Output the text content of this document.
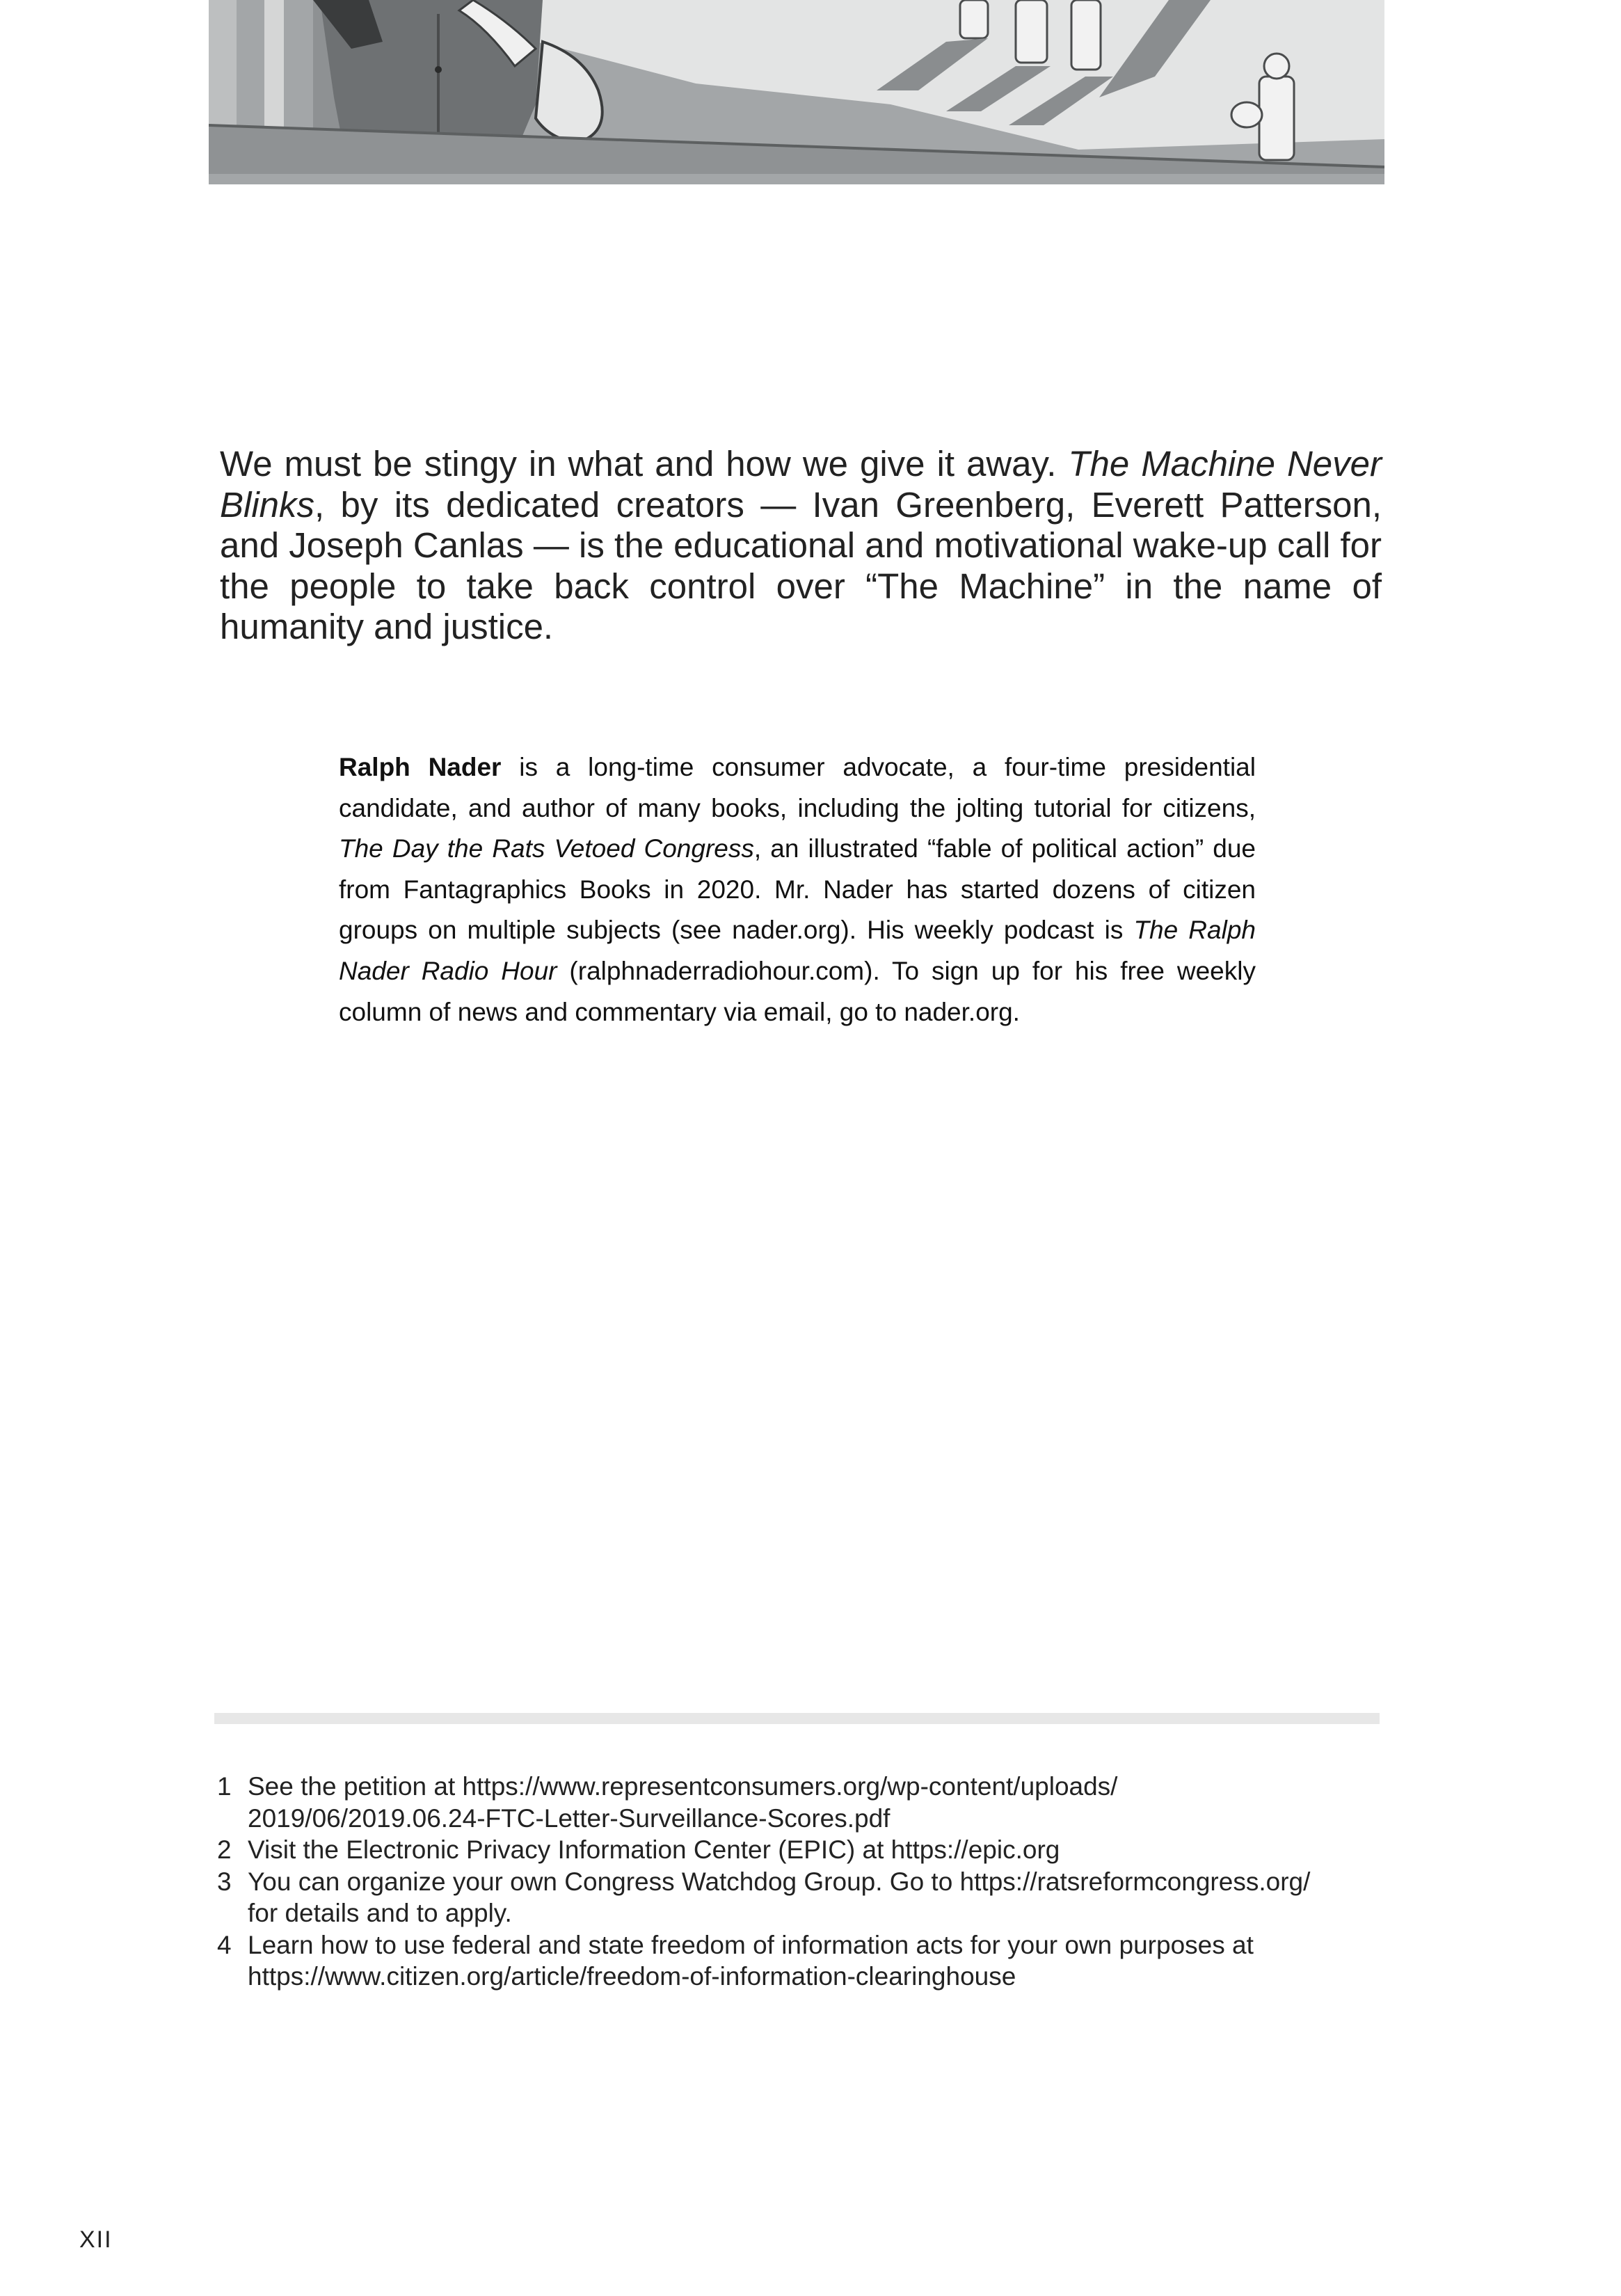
We must be stingy in what and how we give it away. The Machine Never Blinks, by its dedicated creators — Ivan Greenberg, Everett Patterson, and Joseph Canlas — is the educational and motivational wake-up call for the people to take back control over “The Machine” in the name of humanity and justice.

Ralph Nader is a long-time consumer advocate, a four-time presidential candidate, and author of many books, including the jolting tutorial for citizens, The Day the Rats Vetoed Congress, an illustrated “fable of political action” due from Fantagraphics Books in 2020. Mr. Nader has started dozens of citizen groups on multiple subjects (see nader.org). His weekly podcast is The Ralph Nader Radio Hour (ralphnaderradiohour.com). To sign up for his free weekly column of news and commentary via email, go to nader.org.

1 See the petition at https://www.representconsumers.org/wp-content/uploads/2019/06/2019.06.24-FTC-Letter-Surveillance-Scores.pdf
2 Visit the Electronic Privacy Information Center (EPIC) at https://epic.org
3 You can organize your own Congress Watchdog Group. Go to https://ratsreformcongress.org/ for details and to apply.
4 Learn how to use federal and state freedom of information acts for your own purposes at https://www.citizen.org/article/freedom-of-information-clearinghouse
XII
